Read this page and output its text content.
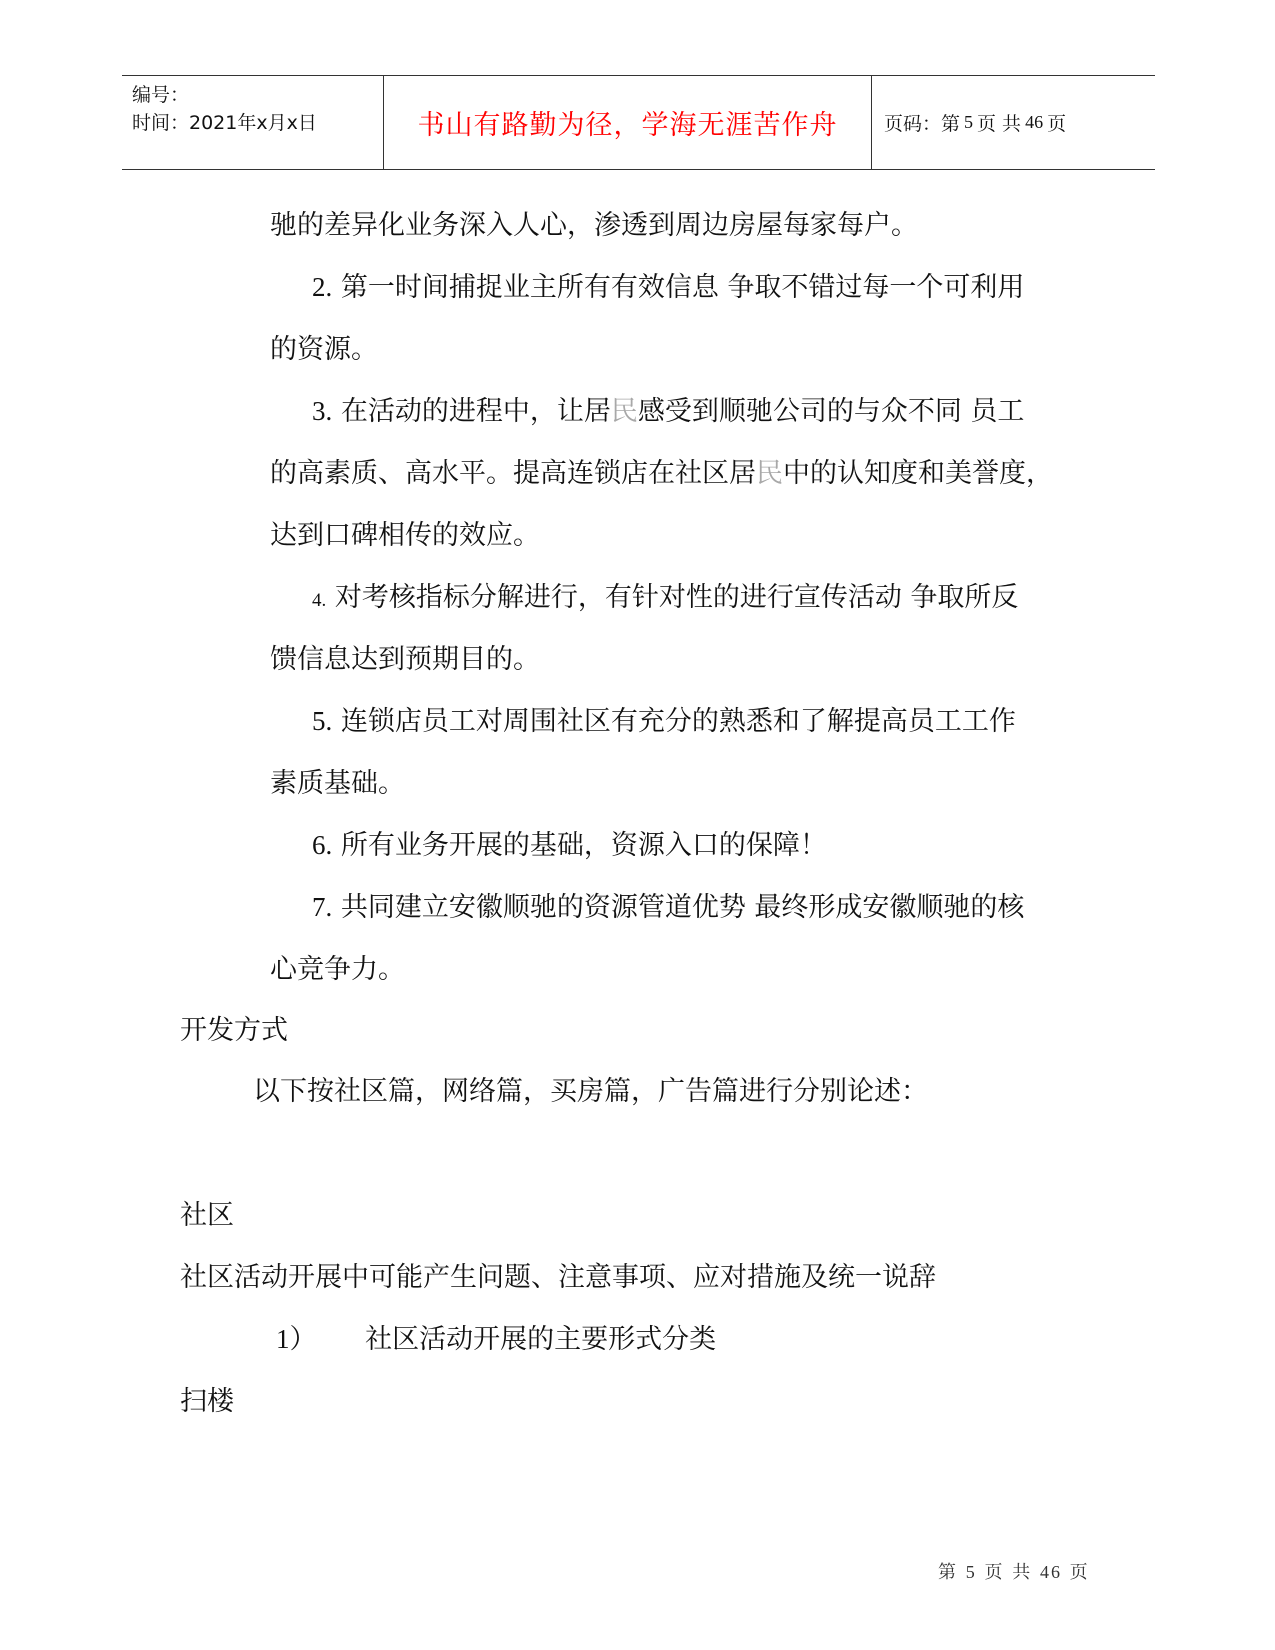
编号：
时间：2021年x月x日	书山有路勤为径，学海无涯苦作舟 页码：第 5 页 共 46 页
驰的差异化业务深入人心，渗透到周边房屋每家每户。
2. 第一时间捕捉业主所有有效信息 争取不错过每一个可利用
的资源。
3. 在活动的进程中，让居民感受到顺驰公司的与众不同 员工
的高素质、高水平。提高连锁店在社区居民中的认知度和美誉度，
达到口碑相传的效应。
4. 对考核指标分解进行，有针对性的进行宣传活动 争取所反
馈信息达到预期目的。
5. 连锁店员工对周围社区有充分的熟悉和了解提高员工工作
素质基础。
6. 所有业务开展的基础，资源入口的保障！
7. 共同建立安徽顺驰的资源管道优势 最终形成安徽顺驰的核
心竞争力。
开发方式
以下按社区篇，网络篇，买房篇，广告篇进行分别论述：
社区
社区活动开展中可能产生问题、注意事项、应对措施及统一说辞
1） 社区活动开展的主要形式分类
扫楼
第 5 页 共 46 页
